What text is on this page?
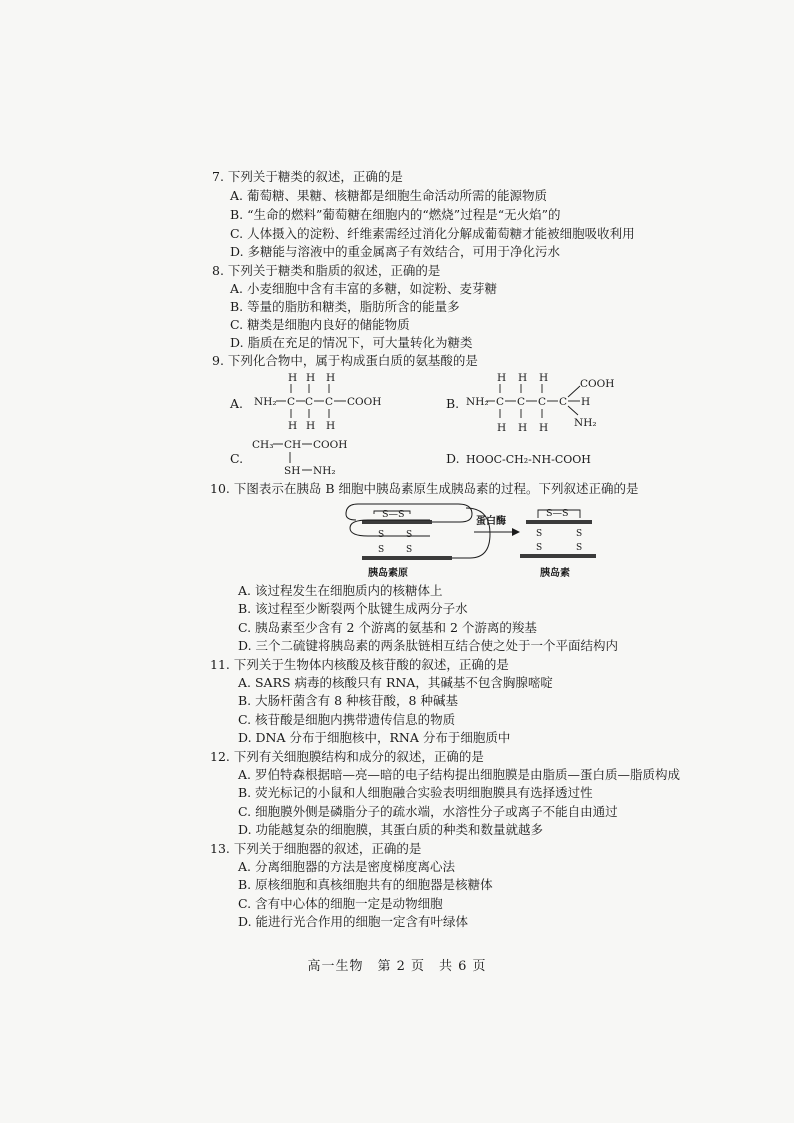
7. 下列关于糖类的叙述，正确的是
A. 葡萄糖、果糖、核糖都是细胞生命活动所需的能源物质
B. “生命的燃料”葡萄糖在细胞内的“燃烧”过程是“无火焰”的
C. 人体摄入的淀粉、纤维素需经过消化分解成葡萄糖才能被细胞吸收利用
D. 多糖能与溶液中的重金属离子有效结合，可用于净化污水
8. 下列关于糖类和脂质的叙述，正确的是
A. 小麦细胞中含有丰富的多糖，如淀粉、麦芽糖
B. 等量的脂肪和糖类，脂肪所含的能量多
C. 糖类是细胞内良好的储能物质
D. 脂质在充足的情况下，可大量转化为糖类
9. 下列化合物中，属于构成蛋白质的氨基酸的是
A.
H H H
NH₂ C C C COOH
H H H
B.
H H H	COOH
NH₂ C C C C H
NH₂
H H H
C.
CH₃ CH COOH
SH NH₂
D. HOOC-CH₂-NH-COOH
10. 下图表示在胰岛 B 细胞中胰岛素原生成胰岛素的过程。下列叙述正确的是
S—S
S
S
S
S
胰岛素原
蛋白酶
S—S
S
S
S
S
胰岛素
A. 该过程发生在细胞质内的核糖体上
B. 该过程至少断裂两个肽键生成两分子水
C. 胰岛素至少含有 2 个游离的氨基和 2 个游离的羧基
D. 三个二硫键将胰岛素的两条肽链相互结合使之处于一个平面结构内
11. 下列关于生物体内核酸及核苷酸的叙述，正确的是
A. SARS 病毒的核酸只有 RNA，其碱基不包含胸腺嘧啶
B. 大肠杆菌含有 8 种核苷酸，8 种碱基
C. 核苷酸是细胞内携带遗传信息的物质
D. DNA 分布于细胞核中，RNA 分布于细胞质中
12. 下列有关细胞膜结构和成分的叙述，正确的是
A. 罗伯特森根据暗—亮—暗的电子结构提出细胞膜是由脂质—蛋白质—脂质构成
B. 荧光标记的小鼠和人细胞融合实验表明细胞膜具有选择透过性
C. 细胞膜外侧是磷脂分子的疏水端，水溶性分子或离子不能自由通过
D. 功能越复杂的细胞膜，其蛋白质的种类和数量就越多
13. 下列关于细胞器的叙述，正确的是
A. 分离细胞器的方法是密度梯度离心法
B. 原核细胞和真核细胞共有的细胞器是核糖体
C. 含有中心体的细胞一定是动物细胞
D. 能进行光合作用的细胞一定含有叶绿体
高一生物　第 2 页　共 6 页
